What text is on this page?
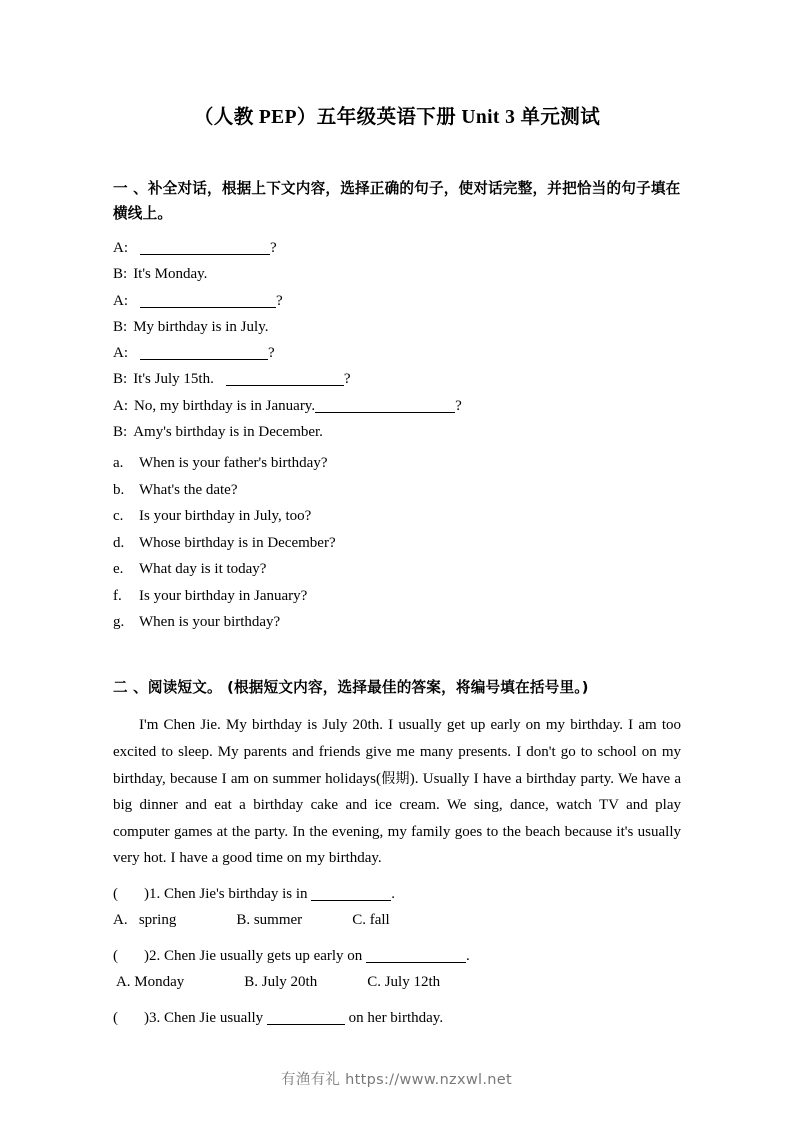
（人教 PEP）五年级英语下册 Unit 3 单元测试
一 、补全对话，根据上下文内容，选择正确的句子，使对话完整，并把恰当的句子填在横线上。
A:	?
B: It's Monday.
A:	?
B: My birthday is in July.
A:	?
B: It's July 15th.	?
A: No, my birthday is in January.	?
B: Amy's birthday is in December.
a. When is your father's birthday?
b. What's the date?
c. Is your birthday in July, too?
d. Whose birthday is in December?
e. What day is it today?
f. Is your birthday in January?
g. When is your birthday?
二 、阅读短文。 (根据短文内容，选择最佳的答案，将编号填在括号里。)
I'm Chen Jie. My birthday is July 20th. I usually get up early on my birthday. I am too excited to sleep. My parents and friends give me many presents. I don't go to school on my birthday, because I am on summer holidays(假期). Usually I have a birthday party. We have a big dinner and eat a birthday cake and ice cream. We sing, dance, watch TV and play computer games at the party. In the evening, my family goes to the beach because it's usually very hot. I have a good time on my birthday.
( )1. Chen Jie's birthday is in	.
A.   spring	B. summer	C. fall
( )2. Chen Jie usually gets up early on	.
A. Monday	B. July 20th	C. July 12th
( )3. Chen Jie usually	on her birthday.
有渔有礼 https://www.nzxwl.net
